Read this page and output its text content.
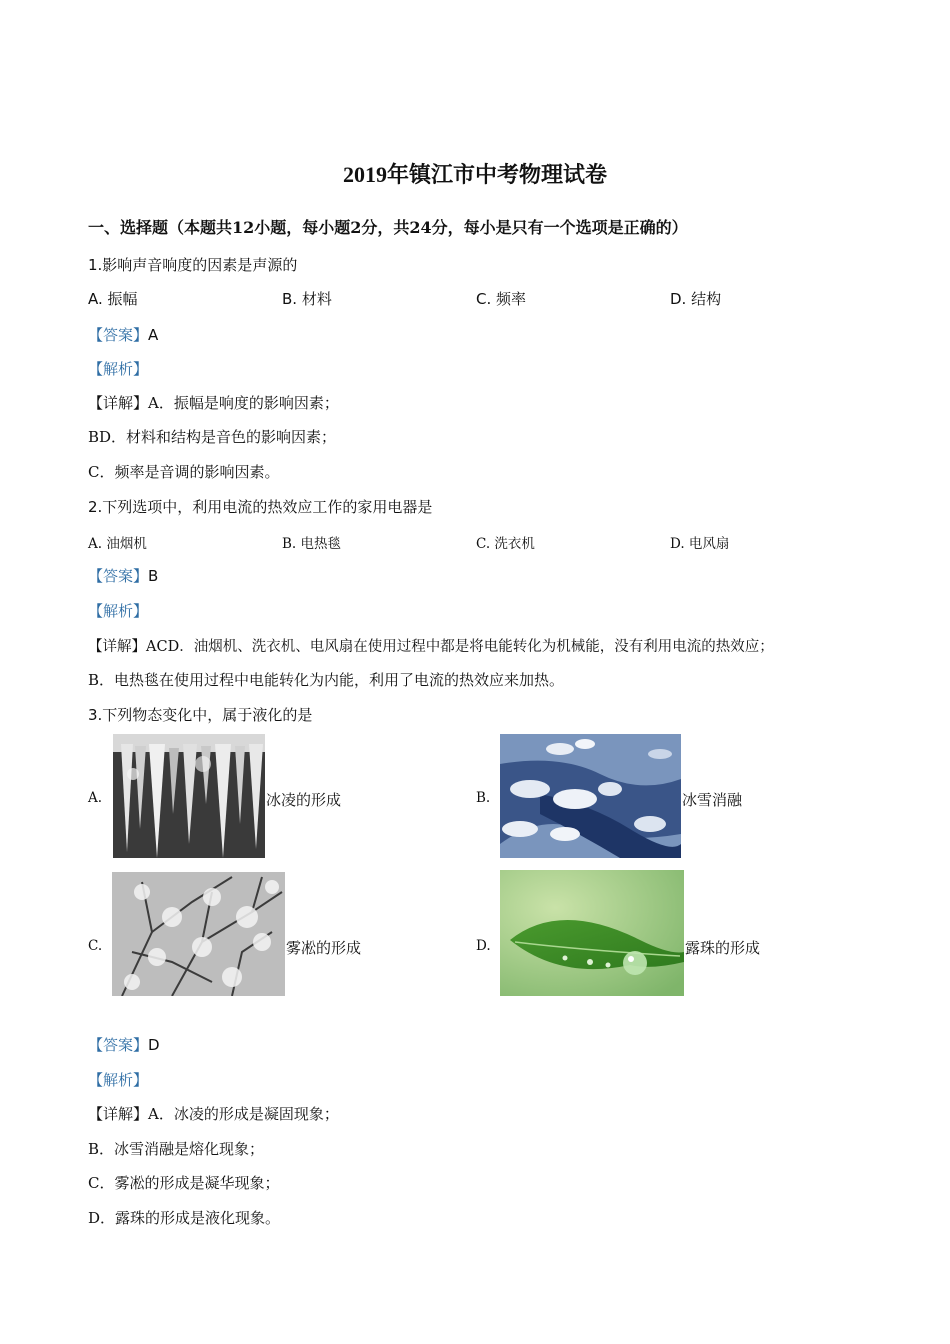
2019年镇江市中考物理试卷
一、选择题（本题共12小题，每小题2分，共24分，每小是只有一个选项是正确的）
1.影响声音响度的因素是声源的
A. 振幅	B. 材料	C. 频率	D. 结构
【答案】A
【解析】
【详解】A．振幅是响度的影响因素；
BD．材料和结构是音色的影响因素；
C．频率是音调的影响因素。
2.下列选项中，利用电流的热效应工作的家用电器是
A. 油烟机	B. 电热毯	C. 洗衣机	D. 电风扇
【答案】B
【解析】
【详解】ACD．油烟机、洗衣机、电风扇在使用过程中都是将电能转化为机械能，没有利用电流的热效应；
B．电热毯在使用过程中电能转化为内能，利用了电流的热效应来加热。
3.下列物态变化中，属于液化的是
A.	冰凌的形成	B.	冰雪消融
C.	雾凇的形成	D.	露珠的形成
【答案】D
【解析】
【详解】A．冰凌的形成是凝固现象；
B．冰雪消融是熔化现象；
C．雾凇的形成是凝华现象；
D．露珠的形成是液化现象。
